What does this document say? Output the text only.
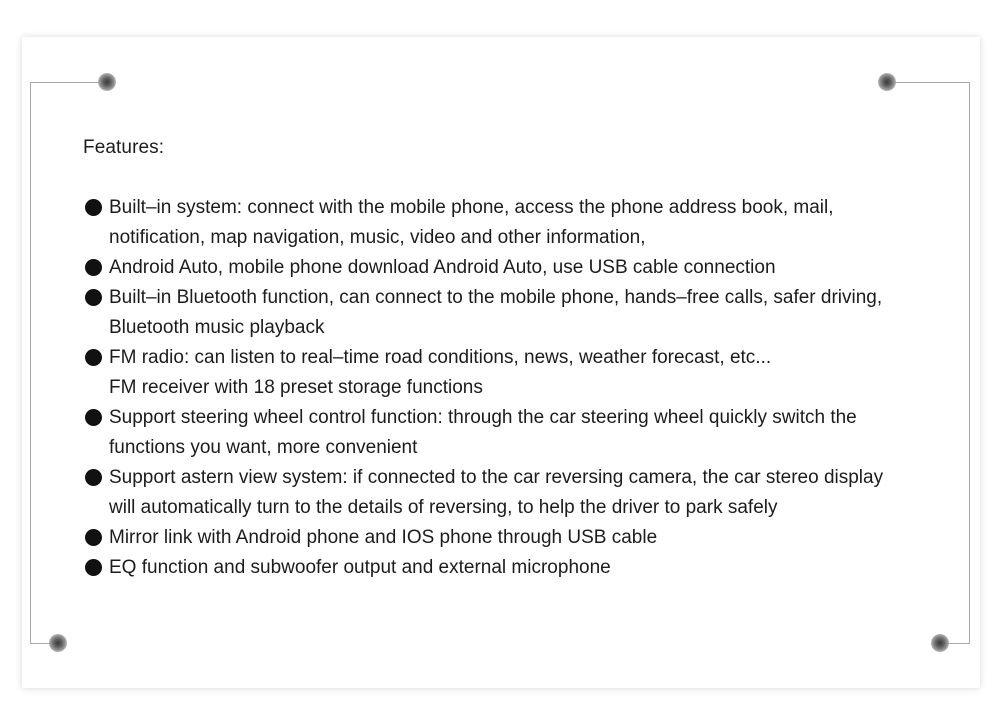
Features:
Built–in system: connect with the mobile phone, access the phone address book, mail,
notification, map navigation, music, video and other information,
Android Auto, mobile phone download Android Auto, use USB cable connection
Built–in Bluetooth function, can connect to the mobile phone, hands–free calls, safer driving,
Bluetooth music playback
FM radio: can listen to real–time road conditions, news, weather forecast, etc...
FM receiver with 18 preset storage functions
Support steering wheel control function: through the car steering wheel quickly switch the
functions you want, more convenient
Support astern view system: if connected to the car reversing camera, the car stereo display
will automatically turn to the details of reversing, to help the driver to park safely
Mirror link with Android phone and IOS phone through USB cable
EQ function and subwoofer output and external microphone
